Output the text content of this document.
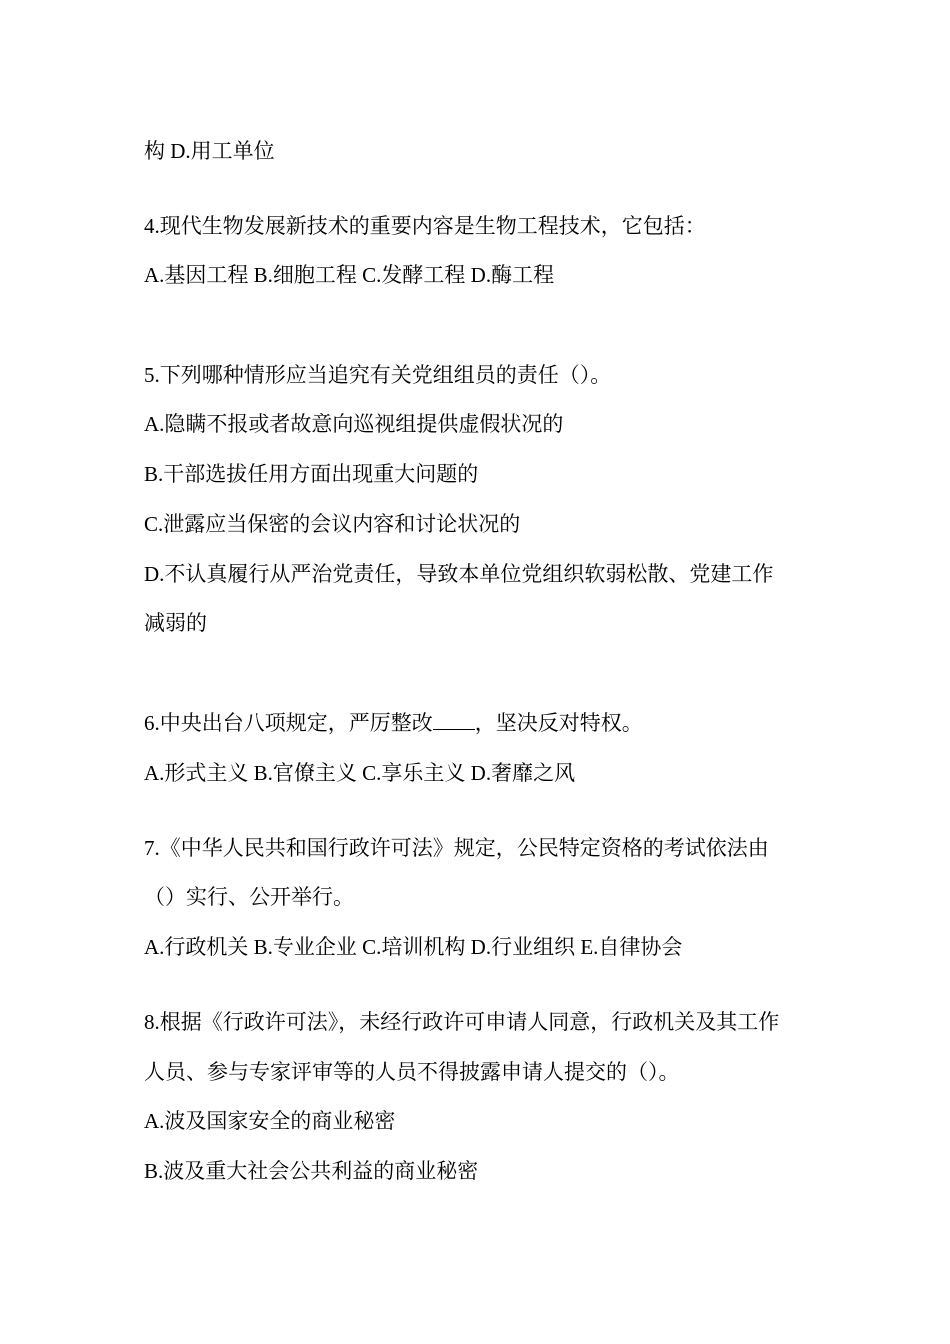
构 D.用工单位
4.现代生物发展新技术的重要内容是生物工程技术，它包括：
A.基因工程 B.细胞工程 C.发酵工程 D.酶工程
5.下列哪种情形应当追究有关党组组员的责任（）。
A.隐瞒不报或者故意向巡视组提供虚假状况的
B.干部选拔任用方面出现重大问题的
C.泄露应当保密的会议内容和讨论状况的
D.不认真履行从严治党责任，导致本单位党组织软弱松散、党建工作
减弱的
6.中央出台八项规定，严厉整改 ，坚决反对特权。
A.形式主义 B.官僚主义 C.享乐主义 D.奢靡之风
7.《中华人民共和国行政许可法》规定，公民特定资格的考试依法由
（）实行、公开举行。
A.行政机关 B.专业企业 C.培训机构 D.行业组织 E.自律协会
8.根据《行政许可法》，未经行政许可申请人同意，行政机关及其工作
人员、参与专家评审等的人员不得披露申请人提交的（）。
A.波及国家安全的商业秘密
B.波及重大社会公共利益的商业秘密
